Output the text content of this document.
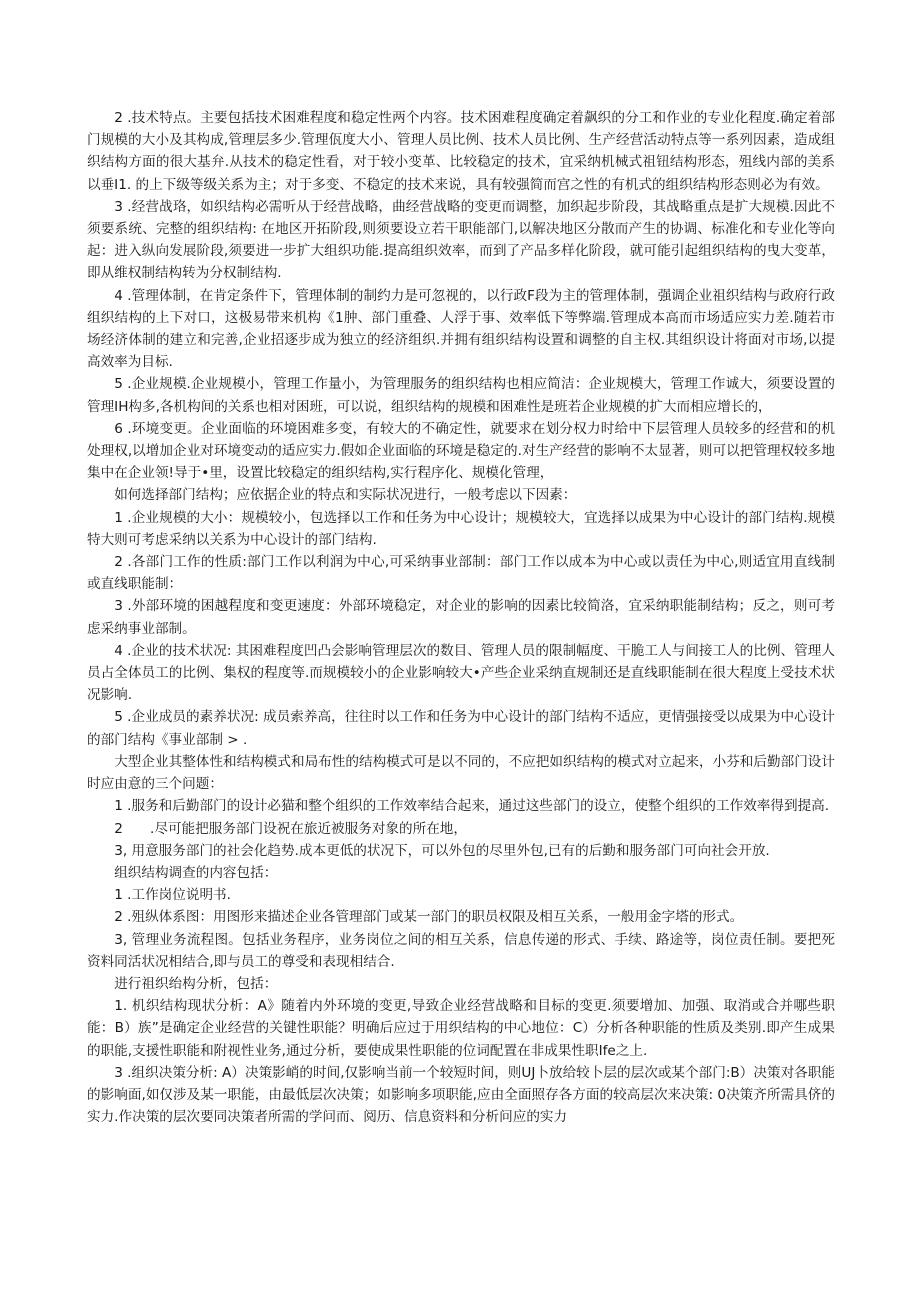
2 .技术特点。主要包括技术困难程度和稳定性两个内容。技术困难程度确定着飙织的分工和作业的专业化程度.确定着部门规模的大小及其构成,管理层多少.管理佤度大小、管理人员比例、技术人员比例、生产经营活动特点等一系列因素，造成组织结构方面的很大基弁.从技术的稳定性看，对于较小变革、比较稳定的技术，宜采纳机械式祖钮结构形态，殂线内部的美系以垂I1. 的上下级等级关系为主；对于多变、不稳定的技术来说，具有较强简而宫之性的有机式的组织结构形态则必为有效。

3 .经营战珞，如织结构必需听从于经营战略，曲经营战略的变更而调整，加织起步阶段，其战略重点是扩大规模.因此不须要系统、完整的组织结构: 在地区开拓阶段,则须要设立若干职能部门,以解决地区分散而产生的协调、标准化和专业化等向起：进入纵向发展阶段,须要进一步扩大组织功能.提高组织效率，而到了产品多样化阶段，就可能引起组织结构的曳大变革，即从维权制结构转为分权制结构.

4 .管理体制，在肯定条件下，管理体制的制约力是可忽视的，以行政F段为主的管理体制，强调企业祖织结构与政府行政组织结构的上下对口，这极易带来机构《1肿、部门重叠、人浮于事、效率低下等弊端.管理成本高而市场适应实力差.随若市场经济体制的建立和完善,企业招逐步成为独立的经济组织.并拥有组织结构设置和调整的自主权.其组织设计将面对市场,以提高效率为目标.

5 .企业规模.企业规模小，管理工作量小，为管理服务的组织结构也相应简洁：企业规模大，管理工作诚大，须要设置的管理IH构多,各机构间的关系也相对困班，可以说，组织结构的规模和困难性是班若企业规模的扩大而相应增长的，

6 .环境变更。企业面临的环境困难多变，有较大的不确定性，就要求在划分权力时给中下层管理人员较多的经营和的机处理权,以增加企业对环境变动的适应实力.假如企业面临的环境是稳定的.对生产经营的影响不太显著，则可以把管理权较多地集中在企业领!导于•里，设置比较稳定的组织结构,实行程序化、规模化管理，

如何选择部门结构；应依据企业的特点和实际状况进行，一般考虑以下因素：

1 .企业规模的大小：规模较小，包选择以工作和任务为中心设计；规模较大，宜选择以成果为中心设计的部门结构.规模特大则可考虑采纳以关系为中心设计的部门结构.

2 .各部门工作的性质:部门工作以利润为中心,可采纳事业部制：部门工作以成本为中心或以责任为中心,则适宜用直线制或直线职能制：

3 .外部环境的困越程度和变更速度：外部环境稳定，对企业的影响的因素比较简洛，宜采纳职能制结构；反之，则可考虑采纳事业部制。

4 .企业的技术状况: 其困难程度凹凸会影响管理层次的数目、管理人员的限制幅度、干脆工人与间接工人的比例、管理人员占全体员工的比例、集权的程度等.而规模较小的企业影响较大•产些企业采纳直规制还是直线职能制在很大程度上受技术状况影响.

5 .企业成员的素养状况: 成员索养高，往往时以工作和任务为中心设计的部门结构不适应，更情强接受以成果为中心设计的部门结构《事业部制 > .

大型企业其整体性和结构模式和局布性的结构模式可是以不同的，不应把如织结构的模式对立起来，小芬和后勤部门设计时应由意的三个问题：

1 .服务和后勤部门的设计必猫和整个组织的工作效率结合起来，通过这些部门的设立，使整个组织的工作效率得到提高.

2　　.尽可能把服务部门设祝在旅近被服务对象的所在地，

3, 用意服务部门的社会化趋势.成本更低的状况下，可以外包的尽里外包,已有的后勤和服务部门可向社会开放.

组织结构调查的内容包括：

1 .工作岗位说明书.

2 .殂纵体系图：用图形来描述企业各管理部门或某一部门的职员权限及相互关系，一般用金字塔的形式。

3, 管理业务流程图。包括业务程序，业务岗位之间的相互关系，信息传递的形式、手续、路途等，岗位责任制。要把死资料同活状况相结合,即与员工的尊受和表现相结合.

进行祖织绐构分析，包括：

1. 机织结构现状分析：A》随着内外环境的变更,导致企业经营战略和目标的变更.须要增加、加强、取消或合并哪些职能：B）族”是确定企业经营的关键性职能？明确后应过于用织结构的中心地位：C）分析各种职能的性质及类别.即产生成果的职能,支援性职能和附视性业务,通过分析，要使成果性职能的位词配置在非成果性职Ife之上.

3 .组织决策分析: A）决策影峭的时间,仅影响当前一个较短时间，则UJ卜放给较卜层的层次或某个部门:B）决策对各职能的影响面,如仅涉及某一职能，由最低层次决策；如影响多项职能,应由全面照存各方面的较高层次来决策: 0决策齐所需具侪的实力.作决策的层次要同决策者所需的学问而、阅历、信息资料和分析问应的实力
